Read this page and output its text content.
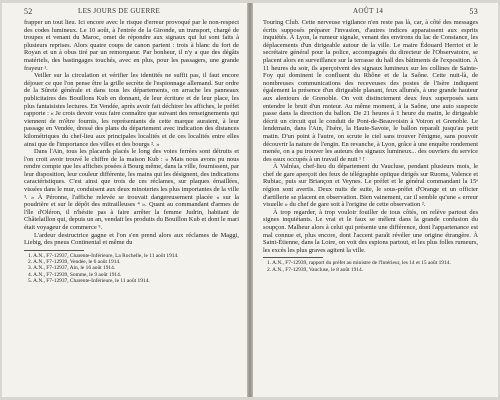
52	LES JOURS DE GUERRE

frapper un tout lieu. Ici encore avec le risque d'erreur provoqué par le non-respect des codes lumineux. Le 10 août, à l'entrée de la Gironde, un transport, chargé de troupes et venant du Maroc, omet de répondre aux signaux qui lui sont faits à plusieurs reprises. Alors quatre coups de canon partent : trois à blanc du fort de Royan et un à obus tiré par un remorqueur. Par bonheur, il n'y a que des dégâts matériels, des bastingages touchés, avec en plus, pour les passagers, une grande frayeur ¹.

Veiller sur la circulation et vérifier les identités ne suffit pas, il faut encore déjouer ce que l'on pense être la grille secrète de l'espionnage allemand. Sur ordre de la Sûreté générale et dans tous les départements, on arrache les panneaux publicitaires des Bouillons Kub en donnant, de leur écriture et de leur place, les plus fantaisistes lectures. En Vendée, après avoir fait déchirer les affiches, le préfet rapporte : « Je crois devoir vous faire connaître que suivant des renseignements qui viennent de m'être fournis, les représentants de cette marque auraient, à leur passage en Vendée, dressé des plans du département avec indication des distances kilométriques du chef-lieu aux principales localités et de ces localités entre elles ainsi que de l'importance des villes et des bourgs ². »

Dans l'Ain, tous les placards placés le long des voies ferrées sont détruits et l'on croit avoir trouvé le chiffre de la maison Kub : « Mais nous avons pu nous rendre compte que les affiches posées à Bourg même, dans la ville, fournissent, par leur disposition, leur couleur différente, les mains qui les désignent, des indications caractéristiques. C'est ainsi que trois de ces réclames, sur plaques émaillées, vissées dans le mur, conduisent aux deux minoteries les plus importantes de la ville ³. » À Péronne, l'affiche relevée se trouvait dangereusement placée « sur la poudrière et sur le dépôt des mitrailleuses ⁴ ». Quant au commandant d'armes de l'île d'Oléron, il n'hésite pas à faire arrêter la femme Judrin, habitant de Châtelaillon qui, depuis un an, vendait les produits du Bouillon Kub et dont le mari était voyageur de commerce ⁵.

L'ardeur destructrice gagne et l'on s'en prend alors aux réclames de Maggi, Liebig, des pneus Continental et même du

1. A.N., F7-12937, Charente-Inférieure, La Rochelle, le 11 août 1914.
2. A.N., F7-12939, Vendée, le 6 août 1914.
3. A.N., F7-12937, Ain, le 16 août 1914.
4. A.N., F7-12939, Somme, le 9 août 1914.
5. A.N., F7-12937, Charente-Inférieure, le 11 août 1914.
AOÛT 14	53

Touring Club. Cette nerveuse vigilance n'en reste pas là, car, à côté des messages écrits supposés préparer l'invasion, d'autres indices apparaissent aux esprits inquiétés. À Lyon, la rumeur signale, venant des environs du lac de Constance, les déplacements d'un dirigeable autour de la ville. Le maire Édouard Herriot et le secrétaire général pour la police, accompagnés du directeur de l'Observatoire, se placent alors en surveillance sur la terrasse du hall des bâtiments de l'exposition. À 11 heures du soir, ils aperçoivent des signaux lumineux sur les collines de Sainte-Foy qui dominent le confluent du Rhône et de la Saône. Cette nuit-là, de nombreuses communications des receveuses des postes de l'Isère indiquent également la présence d'un dirigeable planant, feux allumés, à une grande hauteur aux alentours de Grenoble. On voit distinctement deux feux superposés sans entendre le bruit d'un moteur. Au même moment, à la Saône, une auto suspecte passe dans la direction du ballon. De 21 heures à 1 heure du matin, le dirigeable décrit un circuit qui le conduit de Pont-de-Beauvoisin à Voiron et Grenoble. Le lendemain, dans l'Ain, l'Isère, la Haute-Savoie, le ballon reparaît jusqu'au petit matin. D'un point à l'autre, on scrute le ciel sans trouver l'énigme, sans pouvoir découvrir la nature de l'engin. En revanche, à Lyon, grâce à une enquête rondement menée, on a pu trouver les auteurs des signaux lumineux... des ouvriers du service des eaux occupés à un travail de nuit ¹ !

À Valréas, chef-lieu du département du Vaucluse, pendant plusieurs mois, le chef de gare aperçoit des feux de télégraphie optique dirigés sur Ruoms, Valence et Rubiac, puis sur Briançon et Veynes. Le préfet et le général commandant la 15ᵉ région sont avertis. Deux nuits de suite, le sous-préfet d'Orange et un officier d'artillerie se placent en observation. Bien vainement, car il semble qu'une « erreur visuelle » du chef de gare soit à l'origine de cette observation ².

À trop regarder, à trop vouloir fouiller de tous côtés, on relève partout des signes inquiétants. Le vrai et le faux se mêlent dans la grande confusion du soupçon. Malheur alors à celui qui présente une différence, dont l'appartenance est mal connue et, plus encore, dont l'accent paraît révéler une origine étrangère. À Saint-Étienne, dans la Loire, on voit des espions partout, et les plus folles rumeurs, les excès les plus graves agitent la ville.

1. A.N., F7-12939, rapport du préfet au ministre de l'Intérieur, les 14 et 15 août 1914.
2. A.N., F7-12939, Vaucluse, le 8 août 1914.
